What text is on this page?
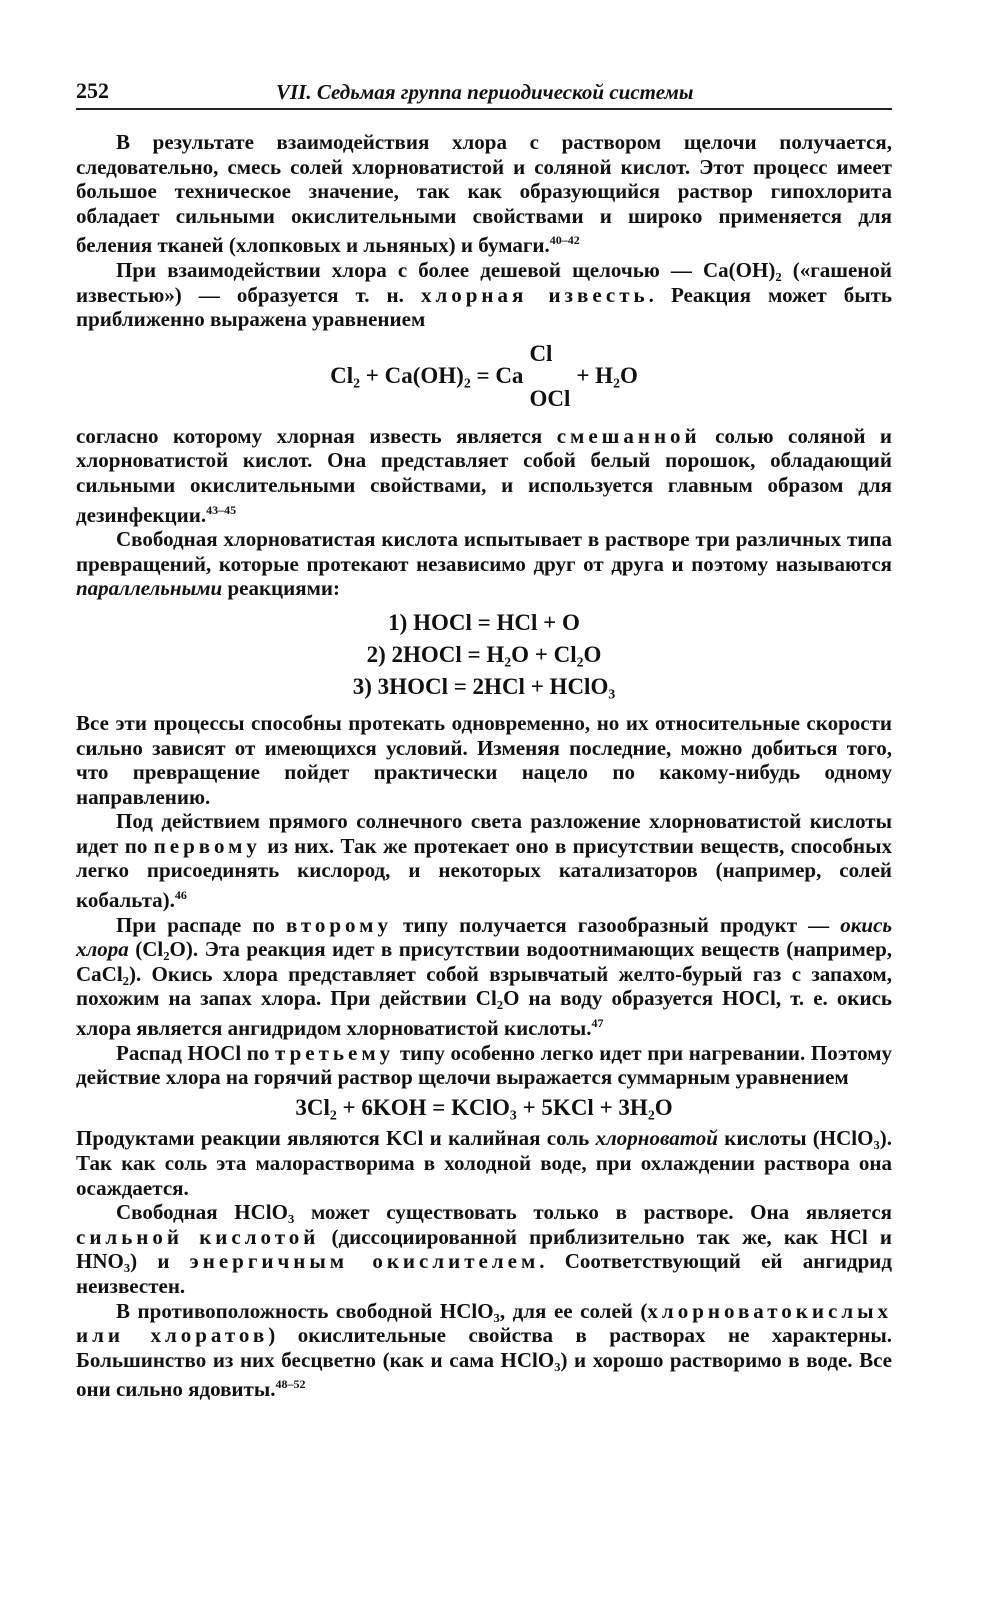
252	VII. Седьмая группа периодической системы

В результате взаимодействия хлора с раствором щелочи получается, следовательно, смесь солей хлорноватистой и соляной кислот. Этот процесс имеет большое техническое значение, так как образующийся раствор гипохлорита обладает сильными окислительными свойствами и широко применяется для беления тканей (хлопковых и льняных) и бумаги.$^{40-42}$

При взаимодействии хлора с более дешевой щелочью — Ca(OH)₂ («гашеной известью») — образуется т. н. хлорная известь. Реакция может быть приближенно выражена уравнением

Cl₂ + Ca(OH)₂ = Ca
Cl
OCl
+ H₂O

согласно которому хлорная известь является смешанной солью соляной и хлорноватистой кислот. Она представляет собой белый порошок, обладающий сильными окислительными свойствами, и используется главным образом для дезинфекции.$^{43-45}$

Свободная хлорноватистая кислота испытывает в растворе три различных типа превращений, которые протекают независимо друг от друга и поэтому называются параллельными реакциями:

1) HOCl = HCl + O
2) 2HOCl = H₂O + Cl₂O
3) 3HOCl = 2HCl + HClO₃

Все эти процессы способны протекать одновременно, но их относительные скорости сильно зависят от имеющихся условий. Изменяя последние, можно добиться того, что превращение пойдет практически нацело по какому-нибудь одному направлению.

Под действием прямого солнечного света разложение хлорноватистой кислоты идет по первому из них. Так же протекает оно в присутствии веществ, способных легко присоединять кислород, и некоторых катализаторов (например, солей кобальта).$^{46}$

При распаде по второму типу получается газообразный продукт — окись хлора (Cl₂O). Эта реакция идет в присутствии водоотнимающих веществ (например, CaCl₂). Окись хлора представляет собой взрывчатый желто-бурый газ с запахом, похожим на запах хлора. При действии Cl₂O на воду образуется HOCl, т. е. окись хлора является ангидридом хлорноватистой кислоты.$^{47}$

Распад HOCl по третьему типу особенно легко идет при нагревании. Поэтому действие хлора на горячий раствор щелочи выражается суммарным уравнением

3Cl₂ + 6KOH = KClO₃ + 5KCl + 3H₂O

Продуктами реакции являются KCl и калийная соль хлорноватой кислоты (HClO₃). Так как соль эта малорастворима в холодной воде, при охлаждении раствора она осаждается.

Свободная HClO₃ может существовать только в растворе. Она является сильной кислотой (диссоциированной приблизительно так же, как HCl и HNO₃) и энергичным окислителем. Соответствующий ей ангидрид неизвестен.

В противоположность свободной HClO₃, для ее солей (хлорноватокислых или хлоратов) окислительные свойства в растворах не характерны. Большинство из них бесцветно (как и сама HClO₃) и хорошо растворимо в воде. Все они сильно ядовиты.$^{48-52}$
